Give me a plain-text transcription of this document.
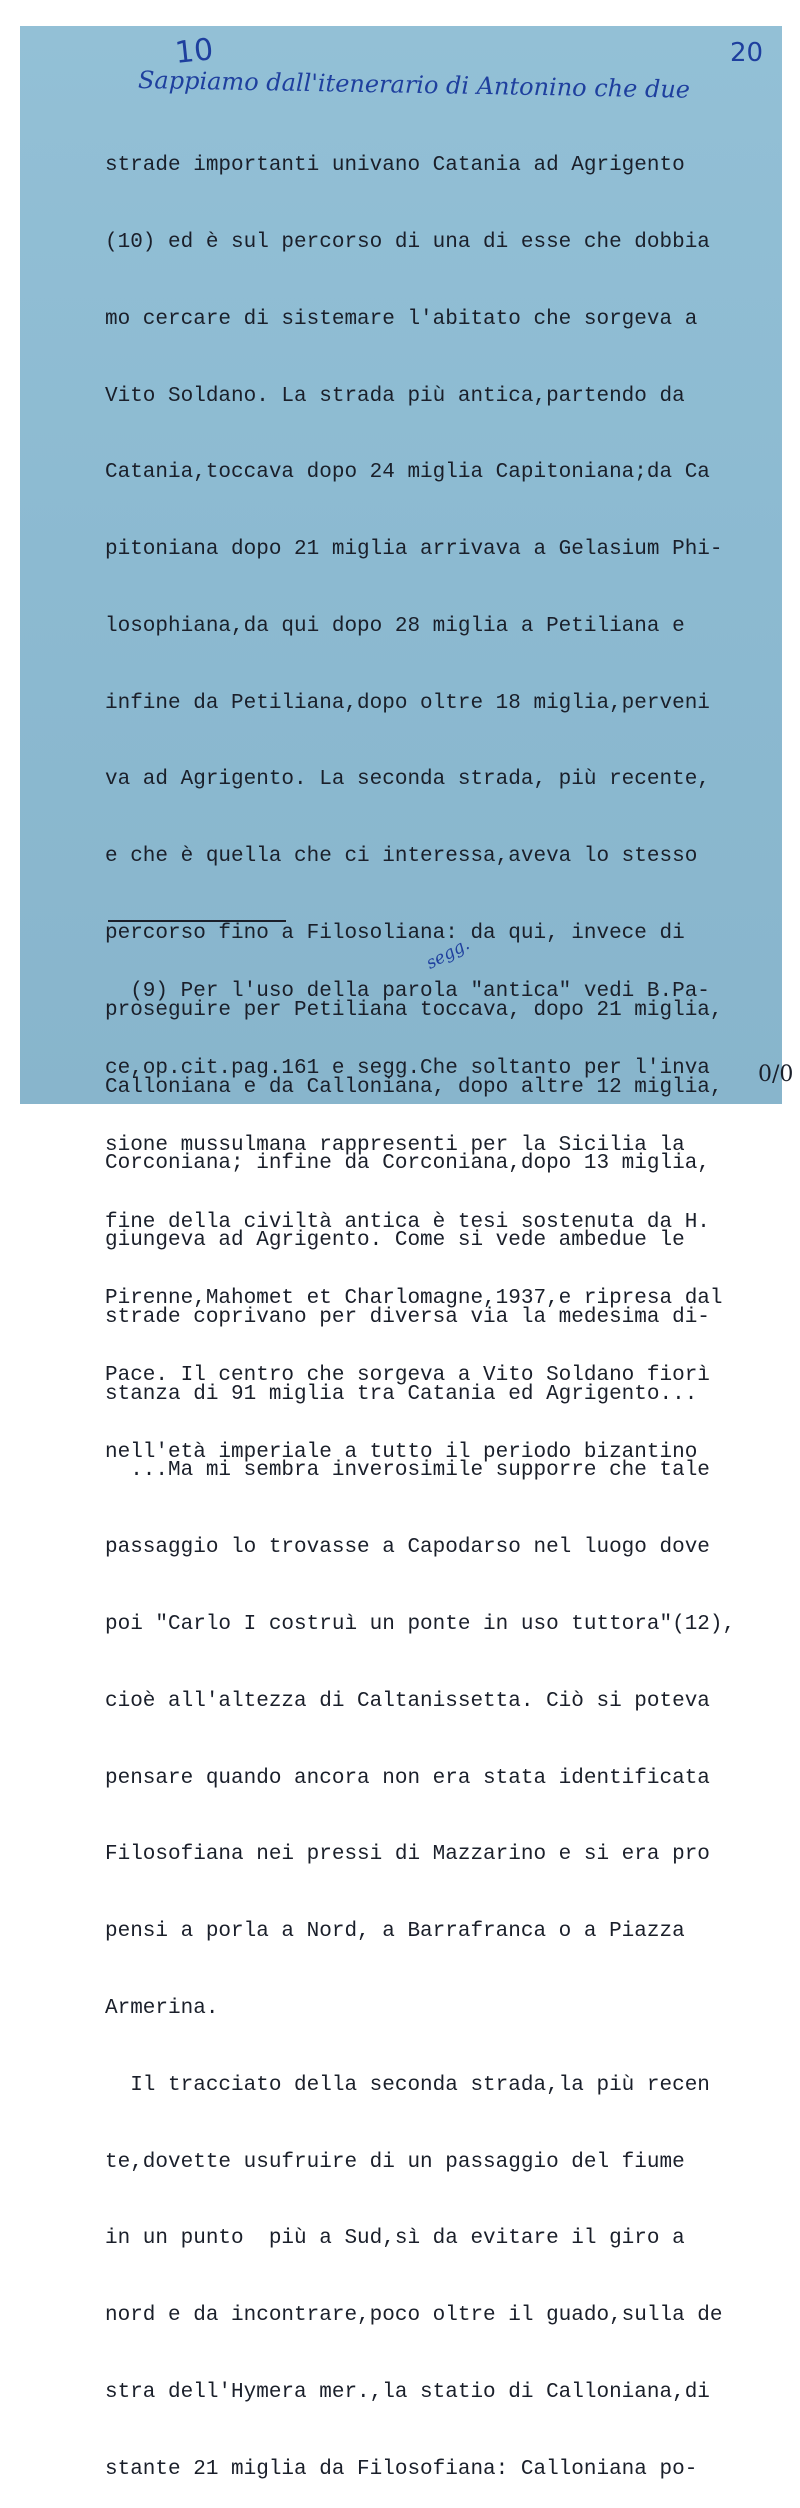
10	20
Sappiamo dall'itenerario di Antonino che due

strade importanti univano Catania ad Agrigento

(10) ed è sul percorso di una di esse che dobbia

mo cercare di sistemare l'abitato che sorgeva a

Vito Soldano. La strada più antica,partendo da

Catania,toccava dopo 24 miglia Capitoniana;da Ca

pitoniana dopo 21 miglia arrivava a Gelasium Phi-

losophiana,da qui dopo 28 miglia a Petiliana e

infine da Petiliana,dopo oltre 18 miglia,perveni

va ad Agrigento. La seconda strada, più recente,

e che è quella che ci interessa,aveva lo stesso

percorso fino a Filosoliana: da qui, invece di

proseguire per Petiliana toccava, dopo 21 miglia,

Calloniana e da Calloniana, dopo altre 12 miglia,

Corconiana; infine da Corconiana,dopo 13 miglia,

giungeva ad Agrigento. Come si vede ambedue le

strade coprivano per diversa via la medesima di-

stanza di 91 miglia tra Catania ed Agrigento...

...Ma mi sembra inverosimile supporre che tale

passaggio lo trovasse a Capodarso nel luogo dove

poi "Carlo I costruì un ponte in uso tuttora"(12),

cioè all'altezza di Caltanissetta. Ciò si poteva

pensare quando ancora non era stata identificata

Filosofiana nei pressi di Mazzarino e si era pro

pensi a porla a Nord, a Barrafranca o a Piazza

Armerina.

Il tracciato della seconda strada,la più recen

te,dovette usufruire di un passaggio del fiume

in un punto  più a Sud,sì da evitare il giro a

nord e da incontrare,poco oltre il guado,sulla de

stra dell'Hymera mer.,la statio di Calloniana,di

stante 21 miglia da Filosofiana: Calloniana po-

(9) Per l'uso della parola "antica" vedi B.Pa-

ce,op.cit.pag.161 e segg.Che soltanto per l'inva

sione mussulmana rappresenti per la Sicilia la

fine della civiltà antica è tesi sostenuta da H.

Pirenne,Mahomet et Charlomagne,1937,e ripresa dal

Pace. Il centro che sorgeva a Vito Soldano fiorì

nell'età imperiale a tutto il periodo bizantino

segg.
0/0
